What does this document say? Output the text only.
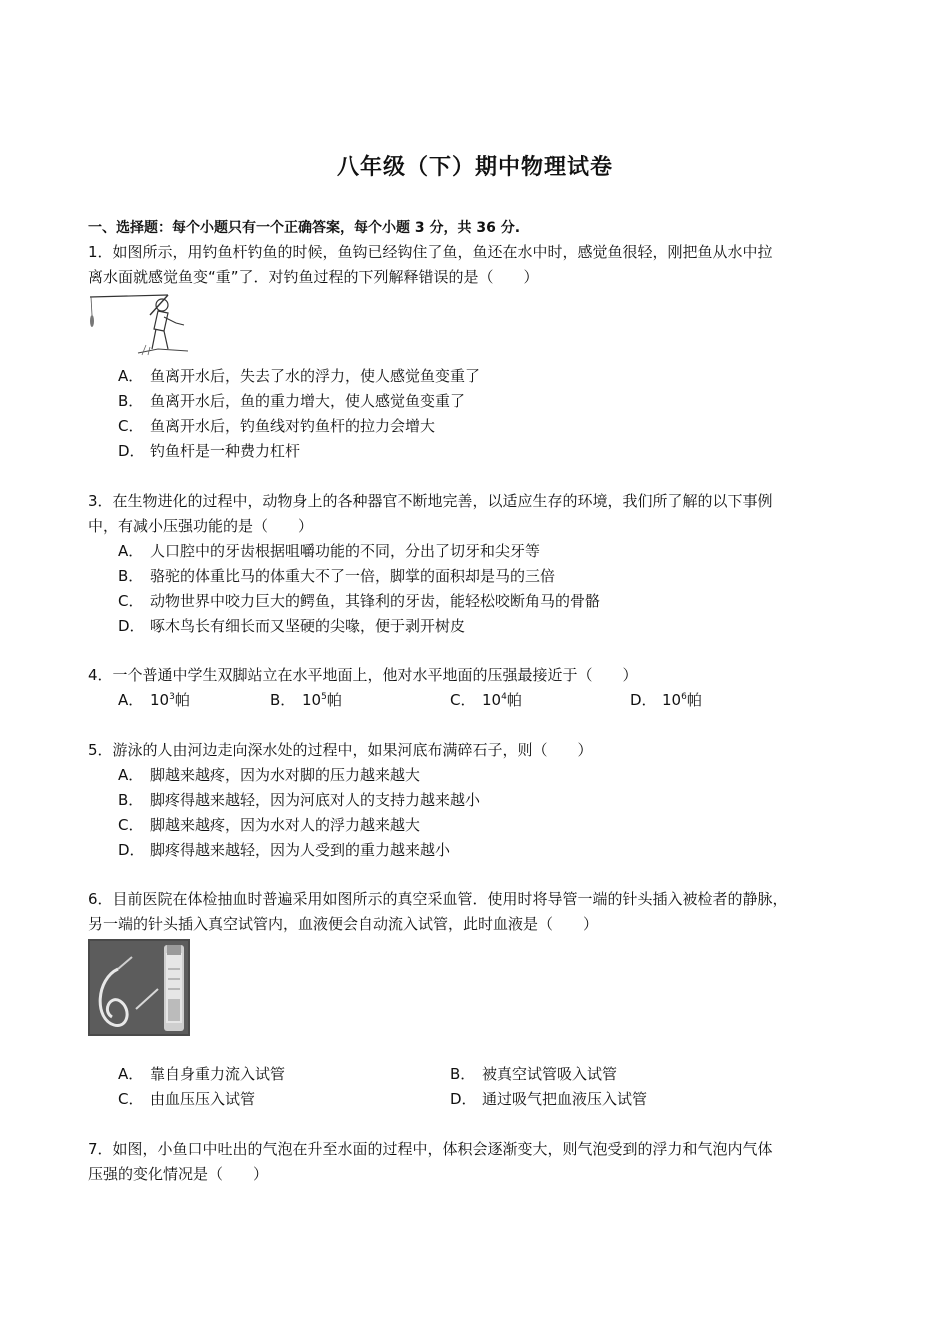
八年级（下）期中物理试卷
一、选择题：每个小题只有一个正确答案，每个小题 3 分，共 36 分.
1．如图所示，用钓鱼杆钓鱼的时候，鱼钩已经钩住了鱼，鱼还在水中时，感觉鱼很轻，刚把鱼从水中拉
离水面就感觉鱼变“重”了．对钓鱼过程的下列解释错误的是（　　）
A． 鱼离开水后，失去了水的浮力，使人感觉鱼变重了
B． 鱼离开水后，鱼的重力增大，使人感觉鱼变重了
C． 鱼离开水后，钓鱼线对钓鱼杆的拉力会增大
D． 钓鱼杆是一种费力杠杆
3．在生物进化的过程中，动物身上的各种器官不断地完善，以适应生存的环境，我们所了解的以下事例
中，有减小压强功能的是（　　）
A． 人口腔中的牙齿根据咀嚼功能的不同，分出了切牙和尖牙等
B． 骆驼的体重比马的体重大不了一倍，脚掌的面积却是马的三倍
C． 动物世界中咬力巨大的鳄鱼，其锋利的牙齿，能轻松咬断角马的骨骼
D． 啄木鸟长有细长而又坚硬的尖喙，便于剥开树皮
4．一个普通中学生双脚站立在水平地面上，他对水平地面的压强最接近于（　　）
A． $10^3$帕	B． $10^5$帕	C． $10^4$帕	D． $10^6$帕
5．游泳的人由河边走向深水处的过程中，如果河底布满碎石子，则（　　）
A． 脚越来越疼，因为水对脚的压力越来越大
B． 脚疼得越来越轻，因为河底对人的支持力越来越小
C． 脚越来越疼，因为水对人的浮力越来越大
D． 脚疼得越来越轻，因为人受到的重力越来越小
6．目前医院在体检抽血时普遍采用如图所示的真空采血管．使用时将导管一端的针头插入被检者的静脉，
另一端的针头插入真空试管内，血液便会自动流入试管，此时血液是（　　）
A． 靠自身重力流入试管	B． 被真空试管吸入试管
C． 由血压压入试管	D． 通过吸气把血液压入试管
7．如图，小鱼口中吐出的气泡在升至水面的过程中，体积会逐渐变大，则气泡受到的浮力和气泡内气体
压强的变化情况是（　　）
